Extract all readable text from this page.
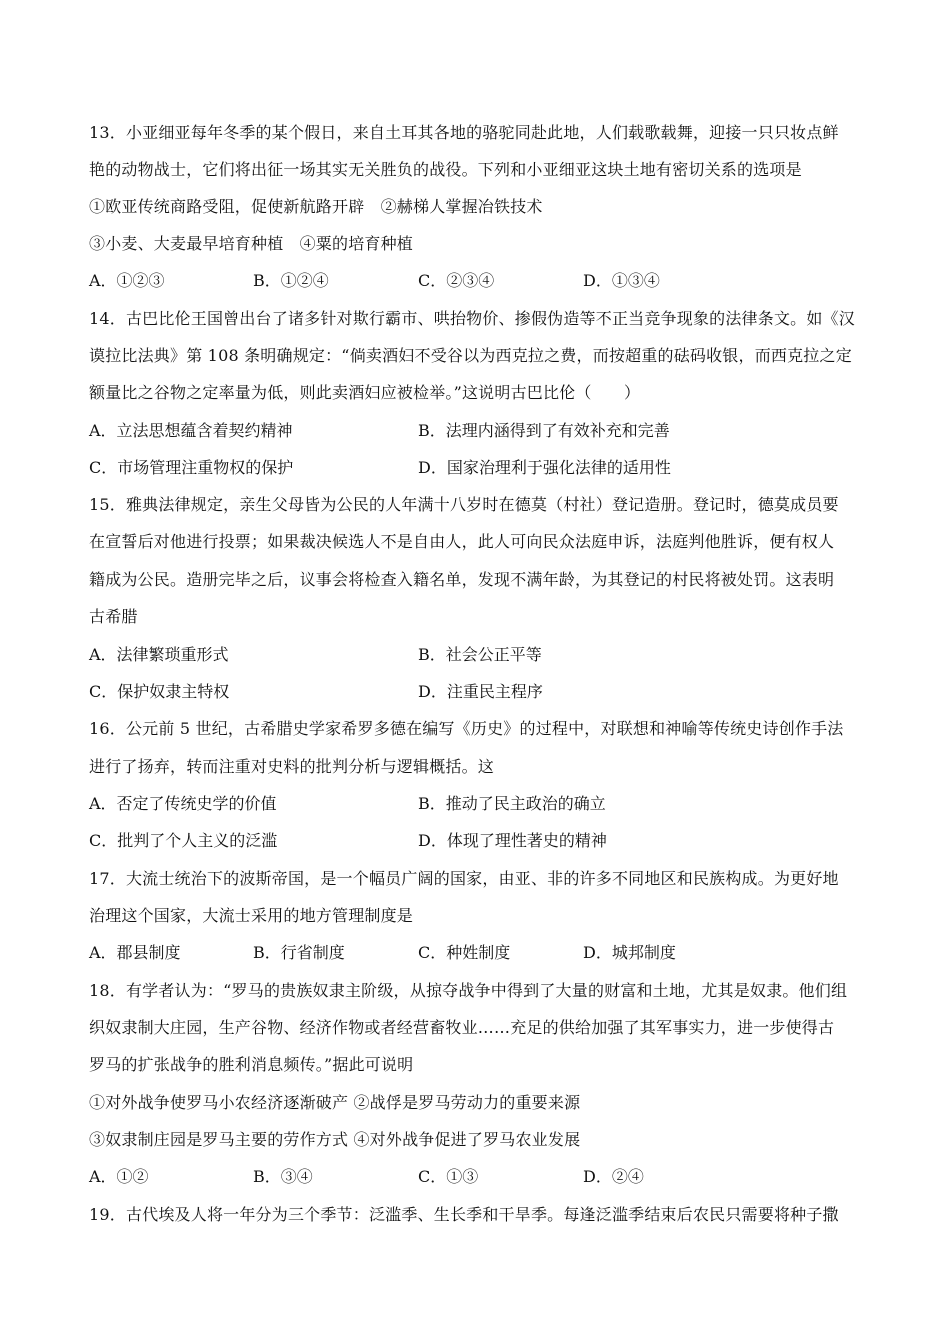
13．小亚细亚每年冬季的某个假日，来自土耳其各地的骆驼同赴此地，人们载歌载舞，迎接一只只妆点鲜
艳的动物战士，它们将出征一场其实无关胜负的战役。下列和小亚细亚这块土地有密切关系的选项是
①欧亚传统商路受阻，促使新航路开辟　②赫梯人掌握冶铁技术
③小麦、大麦最早培育种植　④粟的培育种植
A．①②③	B．①②④	C．②③④	D．①③④
14．古巴比伦王国曾出台了诸多针对欺行霸市、哄抬物价、掺假伪造等不正当竞争现象的法律条文。如《汉
谟拉比法典》第 108 条明确规定：“倘卖酒妇不受谷以为西克拉之费，而按超重的砝码收银，而西克拉之定
额量比之谷物之定率量为低，则此卖酒妇应被检举。”这说明古巴比伦（　　）
A．立法思想蕴含着契约精神	B．法理内涵得到了有效补充和完善
C．市场管理注重物权的保护	D．国家治理利于强化法律的适用性
15．雅典法律规定，亲生父母皆为公民的人年满十八岁时在德莫（村社）登记造册。登记时，德莫成员要
在宣誓后对他进行投票；如果裁决候选人不是自由人，此人可向民众法庭申诉，法庭判他胜诉，便有权人
籍成为公民。造册完毕之后，议事会将检查入籍名单，发现不满年龄，为其登记的村民将被处罚。这表明
古希腊
A．法律繁琐重形式	B．社会公正平等
C．保护奴隶主特权	D．注重民主程序
16．公元前 5 世纪，古希腊史学家希罗多德在编写《历史》的过程中，对联想和神喻等传统史诗创作手法
进行了扬弃，转而注重对史料的批判分析与逻辑概括。这
A．否定了传统史学的价值	B．推动了民主政治的确立
C．批判了个人主义的泛滥	D．体现了理性著史的精神
17．大流士统治下的波斯帝国，是一个幅员广阔的国家，由亚、非的许多不同地区和民族构成。为更好地
治理这个国家，大流士采用的地方管理制度是
A．郡县制度	B．行省制度	C．种姓制度	D．城邦制度
18．有学者认为：“罗马的贵族奴隶主阶级，从掠夺战争中得到了大量的财富和土地，尤其是奴隶。他们组
织奴隶制大庄园，生产谷物、经济作物或者经营畜牧业……充足的供给加强了其军事实力，进一步使得古
罗马的扩张战争的胜利消息频传。”据此可说明
①对外战争使罗马小农经济逐渐破产 ②战俘是罗马劳动力的重要来源
③奴隶制庄园是罗马主要的劳作方式 ④对外战争促进了罗马农业发展
A．①②	B．③④	C．①③	D．②④
19．古代埃及人将一年分为三个季节：泛滥季、生长季和干旱季。每逢泛滥季结束后农民只需要将种子撒
